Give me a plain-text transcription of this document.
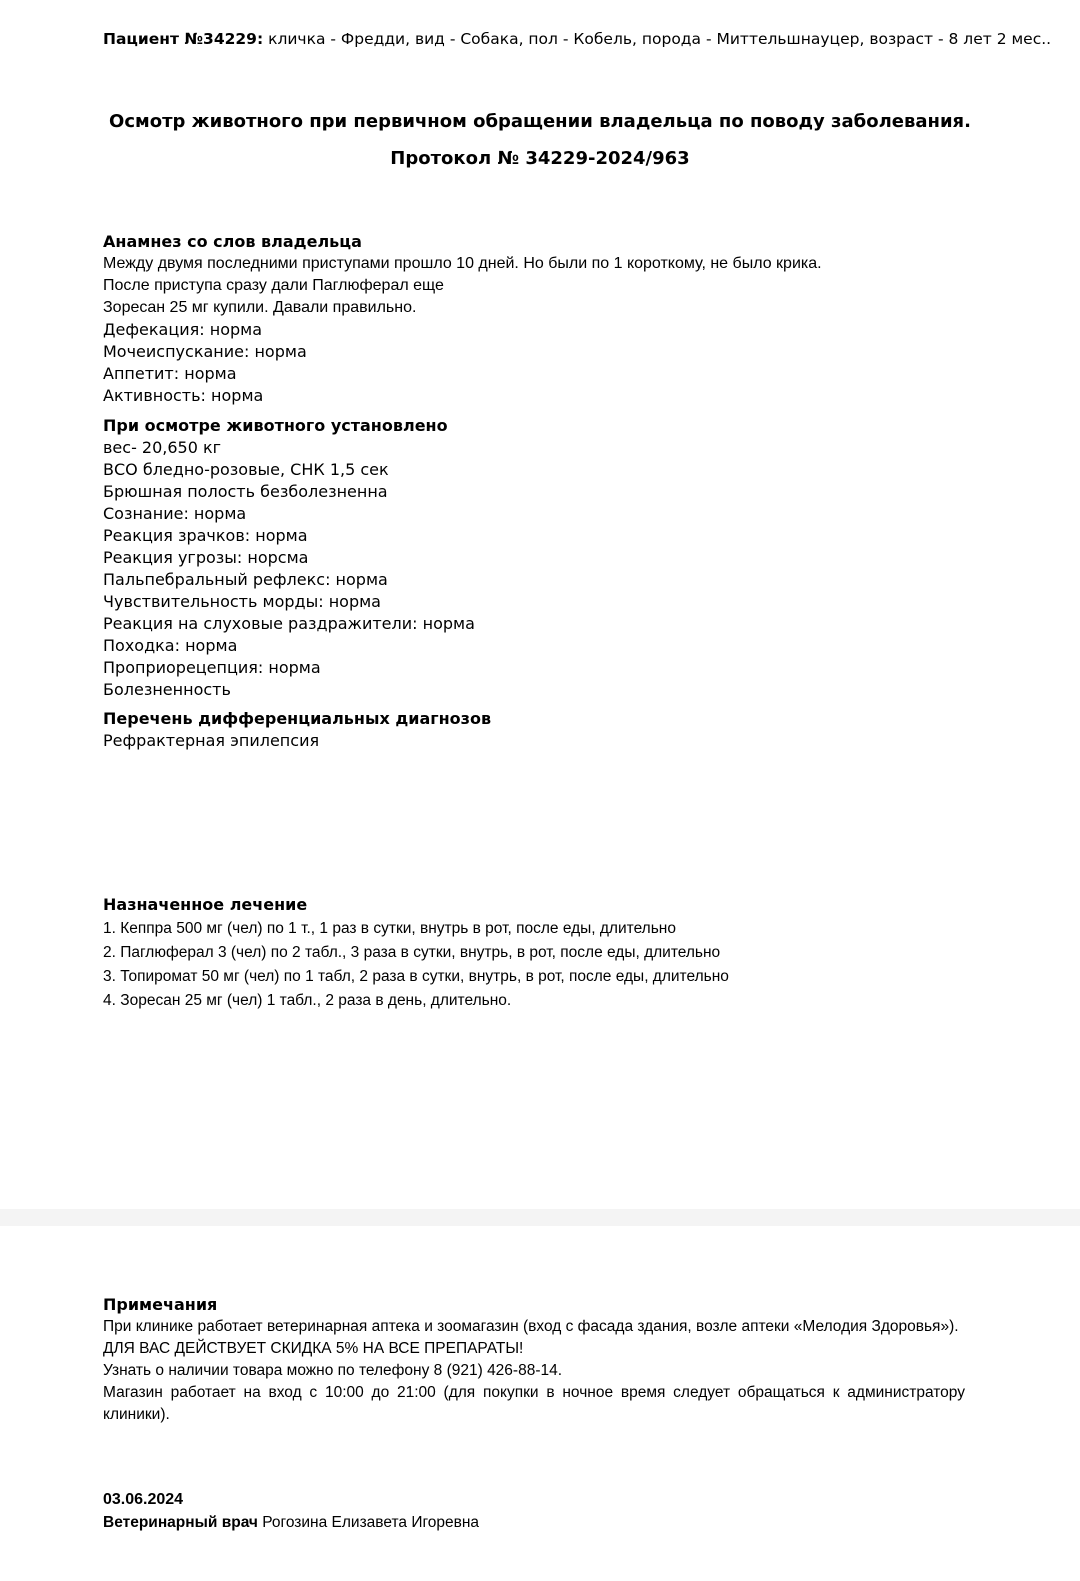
Пациент №34229: кличка - Фредди, вид - Собака, пол - Кобель, порода - Миттельшнауцер, возраст - 8 лет 2 мес..
Осмотр животного при первичном обращении владельца по поводу заболевания.
Протокол № 34229-2024/963
Анамнез со слов владельца
Между двумя последними приступами прошло 10 дней. Но были по 1 короткому, не было крика.
После приступа сразу дали Паглюферал еще
Зоресан 25 мг купили. Давали правильно.
Дефекация: норма
Мочеиспускание: норма
Аппетит: норма
Активность: норма
При осмотре животного установлено
вес- 20,650 кг
ВСО бледно-розовые, СНК 1,5 сек
Брюшная полость безболезненна
Сознание: норма
Реакция зрачков: норма
Реакция угрозы: норсма
Пальпебральный рефлекс: норма
Чувствительность морды: норма
Реакция на слуховые раздражители: норма
Походка: норма
Проприорецепция: норма
Болезненность
Перечень дифференциальных диагнозов
Рефрактерная эпилепсия
Назначенное лечение
1. Кеппра 500 мг (чел) по 1 т., 1 раз в сутки, внутрь в рот, после еды, длительно
2. Паглюферал 3 (чел) по 2 табл., 3 раза в сутки, внутрь, в рот, после еды, длительно
3. Топиромат 50 мг (чел) по 1 табл, 2 раза в сутки, внутрь, в рот, после еды, длительно
4. Зоресан 25 мг (чел) 1 табл., 2 раза в день, длительно.
Примечания

При клинике работает ветеринарная аптека и зоомагазин (вход с фасада здания, возле аптеки «Мелодия Здоровья»).

ДЛЯ ВАС ДЕЙСТВУЕТ СКИДКА 5% НА ВСЕ ПРЕПАРАТЫ!

Узнать о наличии товара можно по телефону 8 (921) 426-88-14.

Магазин работает на вход с 10:00 до 21:00 (для покупки в ночное время следует обращаться к администратору клиники).

03.06.2024
Ветеринарный врач Рогозина Елизавета Игоревна
